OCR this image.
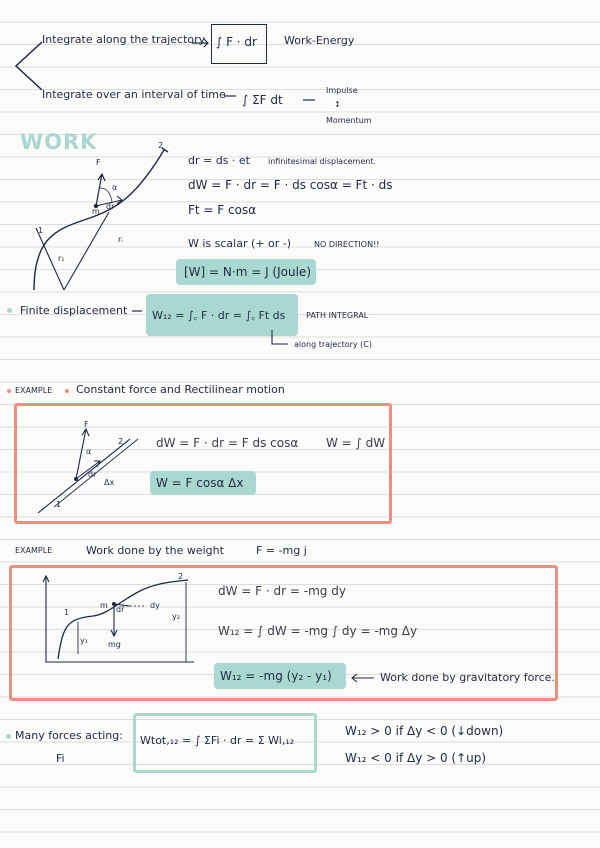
Integrate along the trajectory ∫ F · dr Work-Energy
Integrate over an interval of time ∫ ΣF dt
Impulse
↕
Momentum
WORK
F
α
2
1
m
dr
r₁
rᵢ
dr = ds · et infinitesimal displacement.
dW = F · dr = F · ds cosα = Ft · ds
Ft = F cosα
W is scalar (+ or -)	NO DIRECTION!!
[W] = N·m = J (Joule)
Finite displacement W₁₂ = ∫꜀ F · dr = ∫꜀ Ft ds	PATH INTEGRAL
along trajectory (C)
EXAMPLE Constant force and Rectilinear motion
F
α
dr
2
1
Δx
dW = F · dr = F ds cosα W = ∫ dW
W = F cosα Δx
EXAMPLE	Work done by the weight	F = -mg j
m dr	dy
y₂
y₁	mg
1
2
dW = F · dr = -mg dy
W₁₂ = ∫ dW = -mg ∫ dy = -mg Δy
W₁₂ = -mg (y₂ - y₁)	Work done by gravitatory force.
Many forces acting:
Fi
Wtot,₁₂ = ∫ ΣFi · dr = Σ Wi,₁₂
W₁₂ > 0 if Δy < 0 (↓down)
W₁₂ < 0 if Δy > 0 (↑up)
